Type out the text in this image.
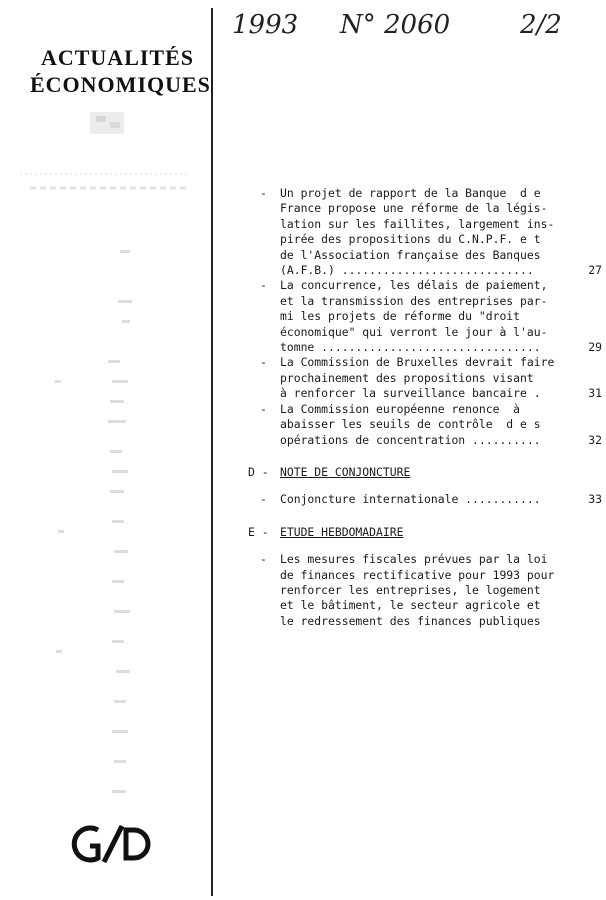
ACTUALITÉS
ÉCONOMIQUES
1993 N° 2060	2/2
- Un projet de rapport de la Banque  d e
France propose une réforme de la légis-
lation sur les faillites, largement ins-
pirée des propositions du C.N.P.F. e t
de l'Association française des Banques
(A.F.B.) ............................	27
- La concurrence, les délais de paiement,
et la transmission des entreprises par-
mi les projets de réforme du "droit
économique" qui verront le jour à l'au-
tomne ................................	29
- La Commission de Bruxelles devrait faire
prochainement des propositions visant
à renforcer la surveillance bancaire .	31
- La Commission européenne renonce  à
abaisser les seuils de contrôle  d e s
opérations de concentration ..........	32
D - NOTE DE CONJONCTURE
- Conjoncture internationale ...........	33
E - ETUDE HEBDOMADAIRE
- Les mesures fiscales prévues par la loi
de finances rectificative pour 1993 pour
renforcer les entreprises, le logement
et le bâtiment, le secteur agricole et
le redressement des finances publiques
